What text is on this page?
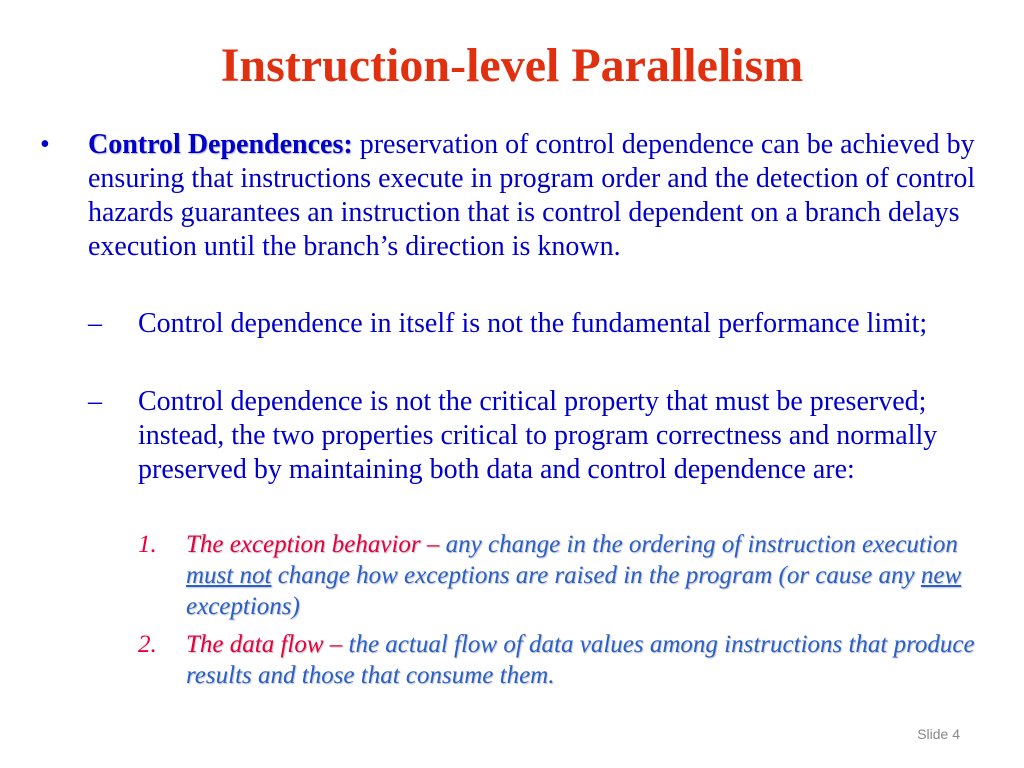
Instruction-level Parallelism
• Control Dependences: preservation of control dependence can be achieved by ensuring that instructions execute in program order and the detection of control hazards guarantees an instruction that is control dependent on a branch delays execution until the branch’s direction is known.
– Control dependence in itself is not the fundamental performance limit;
– Control dependence is not the critical property that must be preserved; instead, the two properties critical to program correctness and normally preserved by maintaining both data and control dependence are:
1. The exception behavior – any change in the ordering of instruction execution must not change how exceptions are raised in the program (or cause any new exceptions)
2. The data flow – the actual flow of data values among instructions that produce results and those that consume them.
Slide 4
